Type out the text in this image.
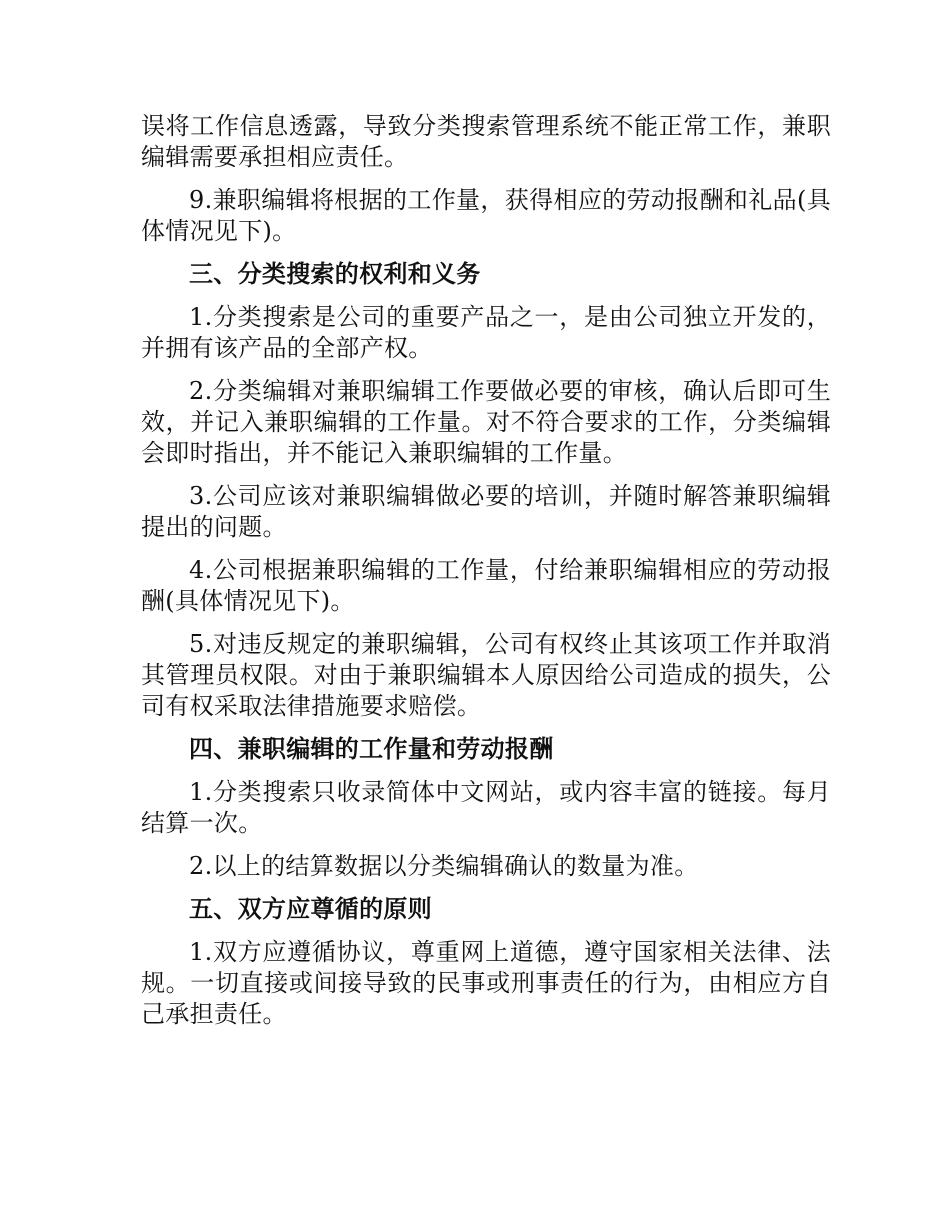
误将工作信息透露，导致分类搜索管理系统不能正常工作，兼职编辑需要承担相应责任。

9.兼职编辑将根据的工作量，获得相应的劳动报酬和礼品(具体情况见下)。

三、分类搜索的权利和义务

1.分类搜索是公司的重要产品之一，是由公司独立开发的，并拥有该产品的全部产权。

2.分类编辑对兼职编辑工作要做必要的审核，确认后即可生效，并记入兼职编辑的工作量。对不符合要求的工作，分类编辑会即时指出，并不能记入兼职编辑的工作量。

3.公司应该对兼职编辑做必要的培训，并随时解答兼职编辑提出的问题。

4.公司根据兼职编辑的工作量，付给兼职编辑相应的劳动报酬(具体情况见下)。

5.对违反规定的兼职编辑，公司有权终止其该项工作并取消其管理员权限。对由于兼职编辑本人原因给公司造成的损失，公司有权采取法律措施要求赔偿。

四、兼职编辑的工作量和劳动报酬

1.分类搜索只收录简体中文网站，或内容丰富的链接。每月结算一次。

2.以上的结算数据以分类编辑确认的数量为准。

五、双方应尊循的原则

1.双方应遵循协议，尊重网上道德，遵守国家相关法律、法规。一切直接或间接导致的民事或刑事责任的行为，由相应方自己承担责任。
